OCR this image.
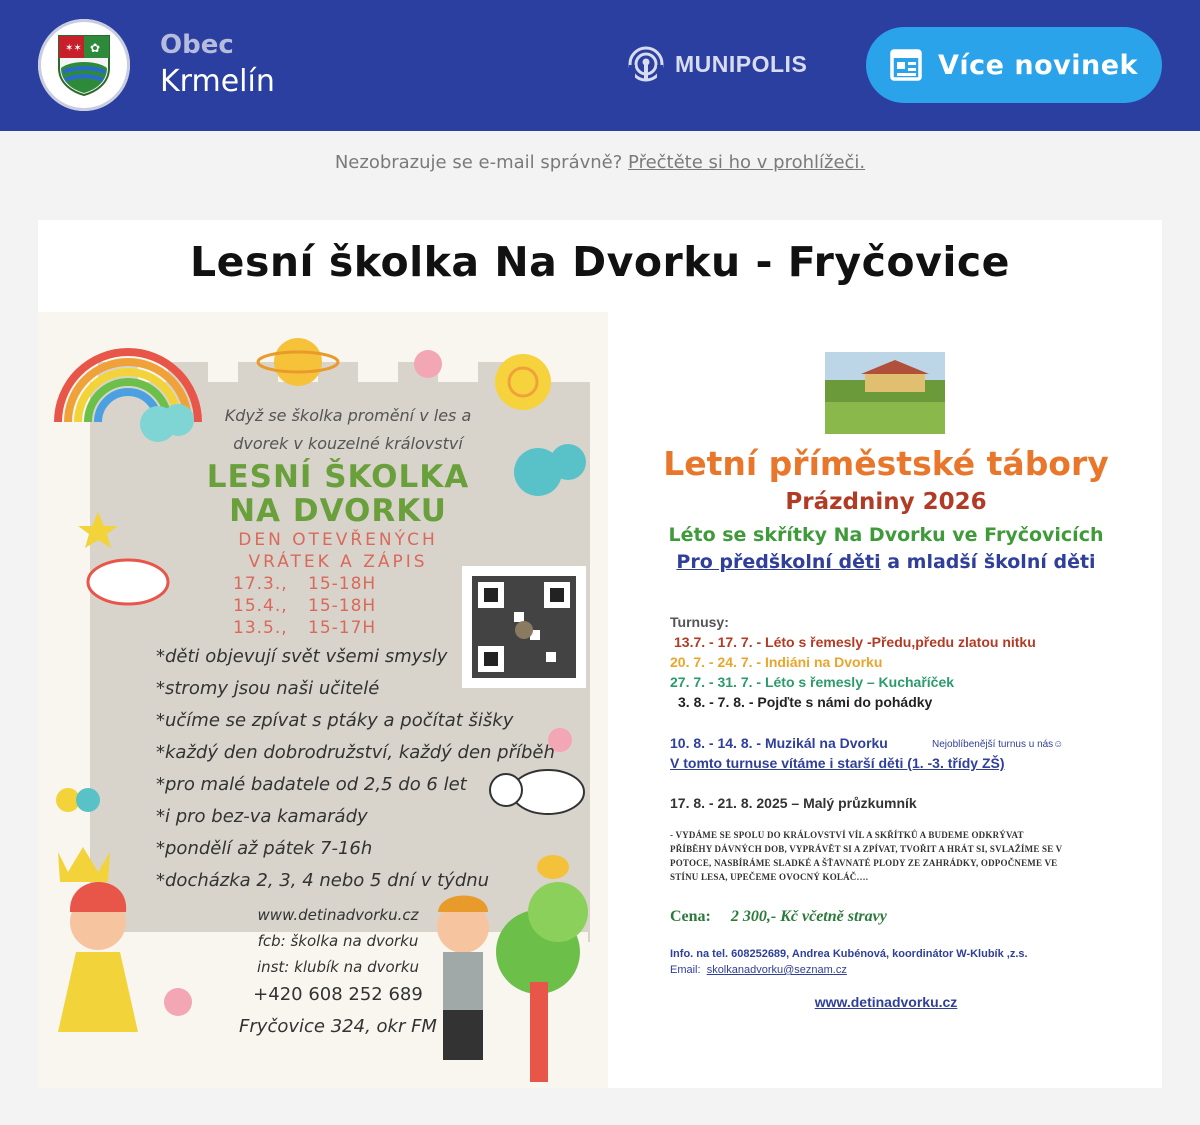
✶✶ ✿ Obec
Krmelín
MUNIPOLIS	Více novinek
Nezobrazuje se e-mail správně? Přečtěte si ho v prohlížeči.
Lesní školka Na Dvorku - Fryčovice
Když se školka promění v les a
dvorek v kouzelné království
LESNÍ ŠKOLKA
NA DVORKU
DEN OTEVŘENÝCH
VRÁTEK A ZÁPIS
17.3., 15-18H
15.4., 15-18H
13.5., 15-17H
*děti objevují svět všemi smysly
*stromy jsou naši učitelé
*učíme se zpívat s ptáky a počítat šišky
*každý den dobrodružství, každý den příběh
*pro malé badatele od 2,5 do 6 let
*i pro bez-va kamarády
*pondělí až pátek 7-16h
*docházka 2, 3, 4 nebo 5 dní v týdnu
www.detinadvorku.cz
fcb: školka na dvorku
inst: klubík na dvorku
+420 608 252 689
Fryčovice 324, okr FM
Letní příměstské tábory
Prázdniny 2026
Léto se skřítky Na Dvorku ve Fryčovicích
Pro předškolní děti a mladší školní děti
Turnusy:
13.7. - 17. 7. - Léto s řemesly -Předu,předu zlatou nitku
20. 7. - 24. 7. - Indiáni na Dvorku
27. 7. - 31. 7. - Léto s řemesly – Kuchaříček
3. 8. - 7. 8. - Pojďte s námi do pohádky
10. 8. - 14. 8. - Muzikál na Dvorku	Nejoblíbenější turnus u nás☺
V tomto turnuse vítáme i starší děti (1. -3. třídy ZŠ)
17. 8. - 21. 8. 2025 – Malý průzkumník
- VYDÁME SE SPOLU DO KRÁLOVSTVÍ VÍL A SKŘÍTKŮ A BUDEME ODKRÝVAT
PŘÍBĚHY DÁVNÝCH DOB, VYPRÁVĚT SI A ZPÍVAT, TVOŘIT A HRÁT SI, SVLAŽÍME SE V
POTOCE, NASBÍRÁME SLADKÉ A ŠŤAVNATÉ PLODY ZE ZAHRÁDKY, ODPOČNEME VE
STÍNU LESA, UPEČEME OVOCNÝ KOLÁČ….
Cena: 2 300,- Kč včetně stravy
Info. na tel. 608252689, Andrea Kubénová, koordinátor W-Klubík ,z.s.
Email: skolkanadvorku@seznam.cz
www.detinadvorku.cz
